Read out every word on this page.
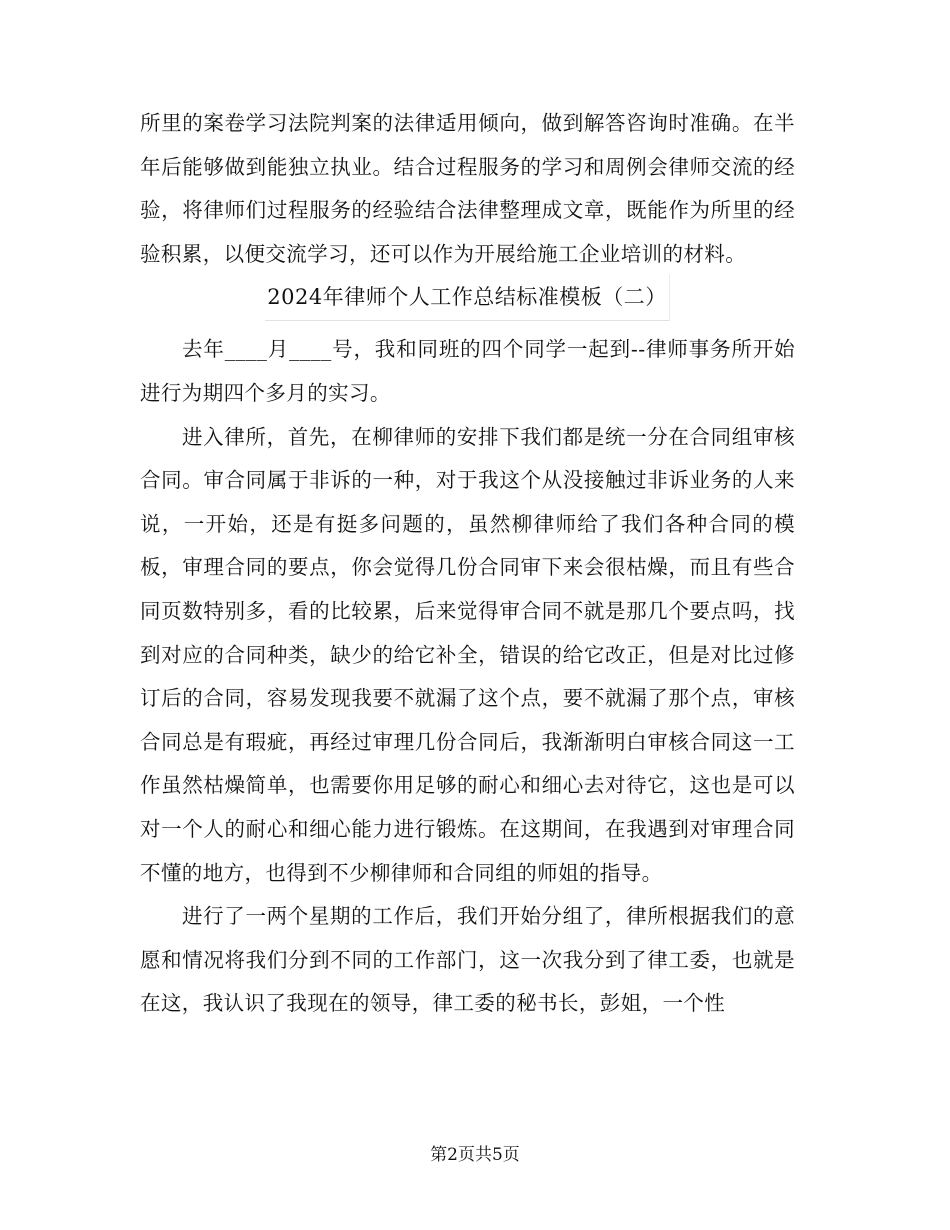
所里的案卷学习法院判案的法律适用倾向，做到解答咨询时准确。在半年后能够做到能独立执业。结合过程服务的学习和周例会律师交流的经验，将律师们过程服务的经验结合法律整理成文章，既能作为所里的经验积累，以便交流学习，还可以作为开展给施工企业培训的材料。

2024年律师个人工作总结标准模板（二）

去年____月____号，我和同班的四个同学一起到--律师事务所开始进行为期四个多月的实习。

进入律所，首先，在柳律师的安排下我们都是统一分在合同组审核合同。审合同属于非诉的一种，对于我这个从没接触过非诉业务的人来说，一开始，还是有挺多问题的，虽然柳律师给了我们各种合同的模板，审理合同的要点，你会觉得几份合同审下来会很枯燥，而且有些合同页数特别多，看的比较累，后来觉得审合同不就是那几个要点吗，找到对应的合同种类，缺少的给它补全，错误的给它改正，但是对比过修订后的合同，容易发现我要不就漏了这个点，要不就漏了那个点，审核合同总是有瑕疵，再经过审理几份合同后，我渐渐明白审核合同这一工作虽然枯燥简单，也需要你用足够的耐心和细心去对待它，这也是可以对一个人的耐心和细心能力进行锻炼。在这期间，在我遇到对审理合同不懂的地方，也得到不少柳律师和合同组的师姐的指导。

进行了一两个星期的工作后，我们开始分组了，律所根据我们的意愿和情况将我们分到不同的工作部门，这一次我分到了律工委，也就是在这，我认识了我现在的领导，律工委的秘书长，彭姐，一个性

第2页共5页
